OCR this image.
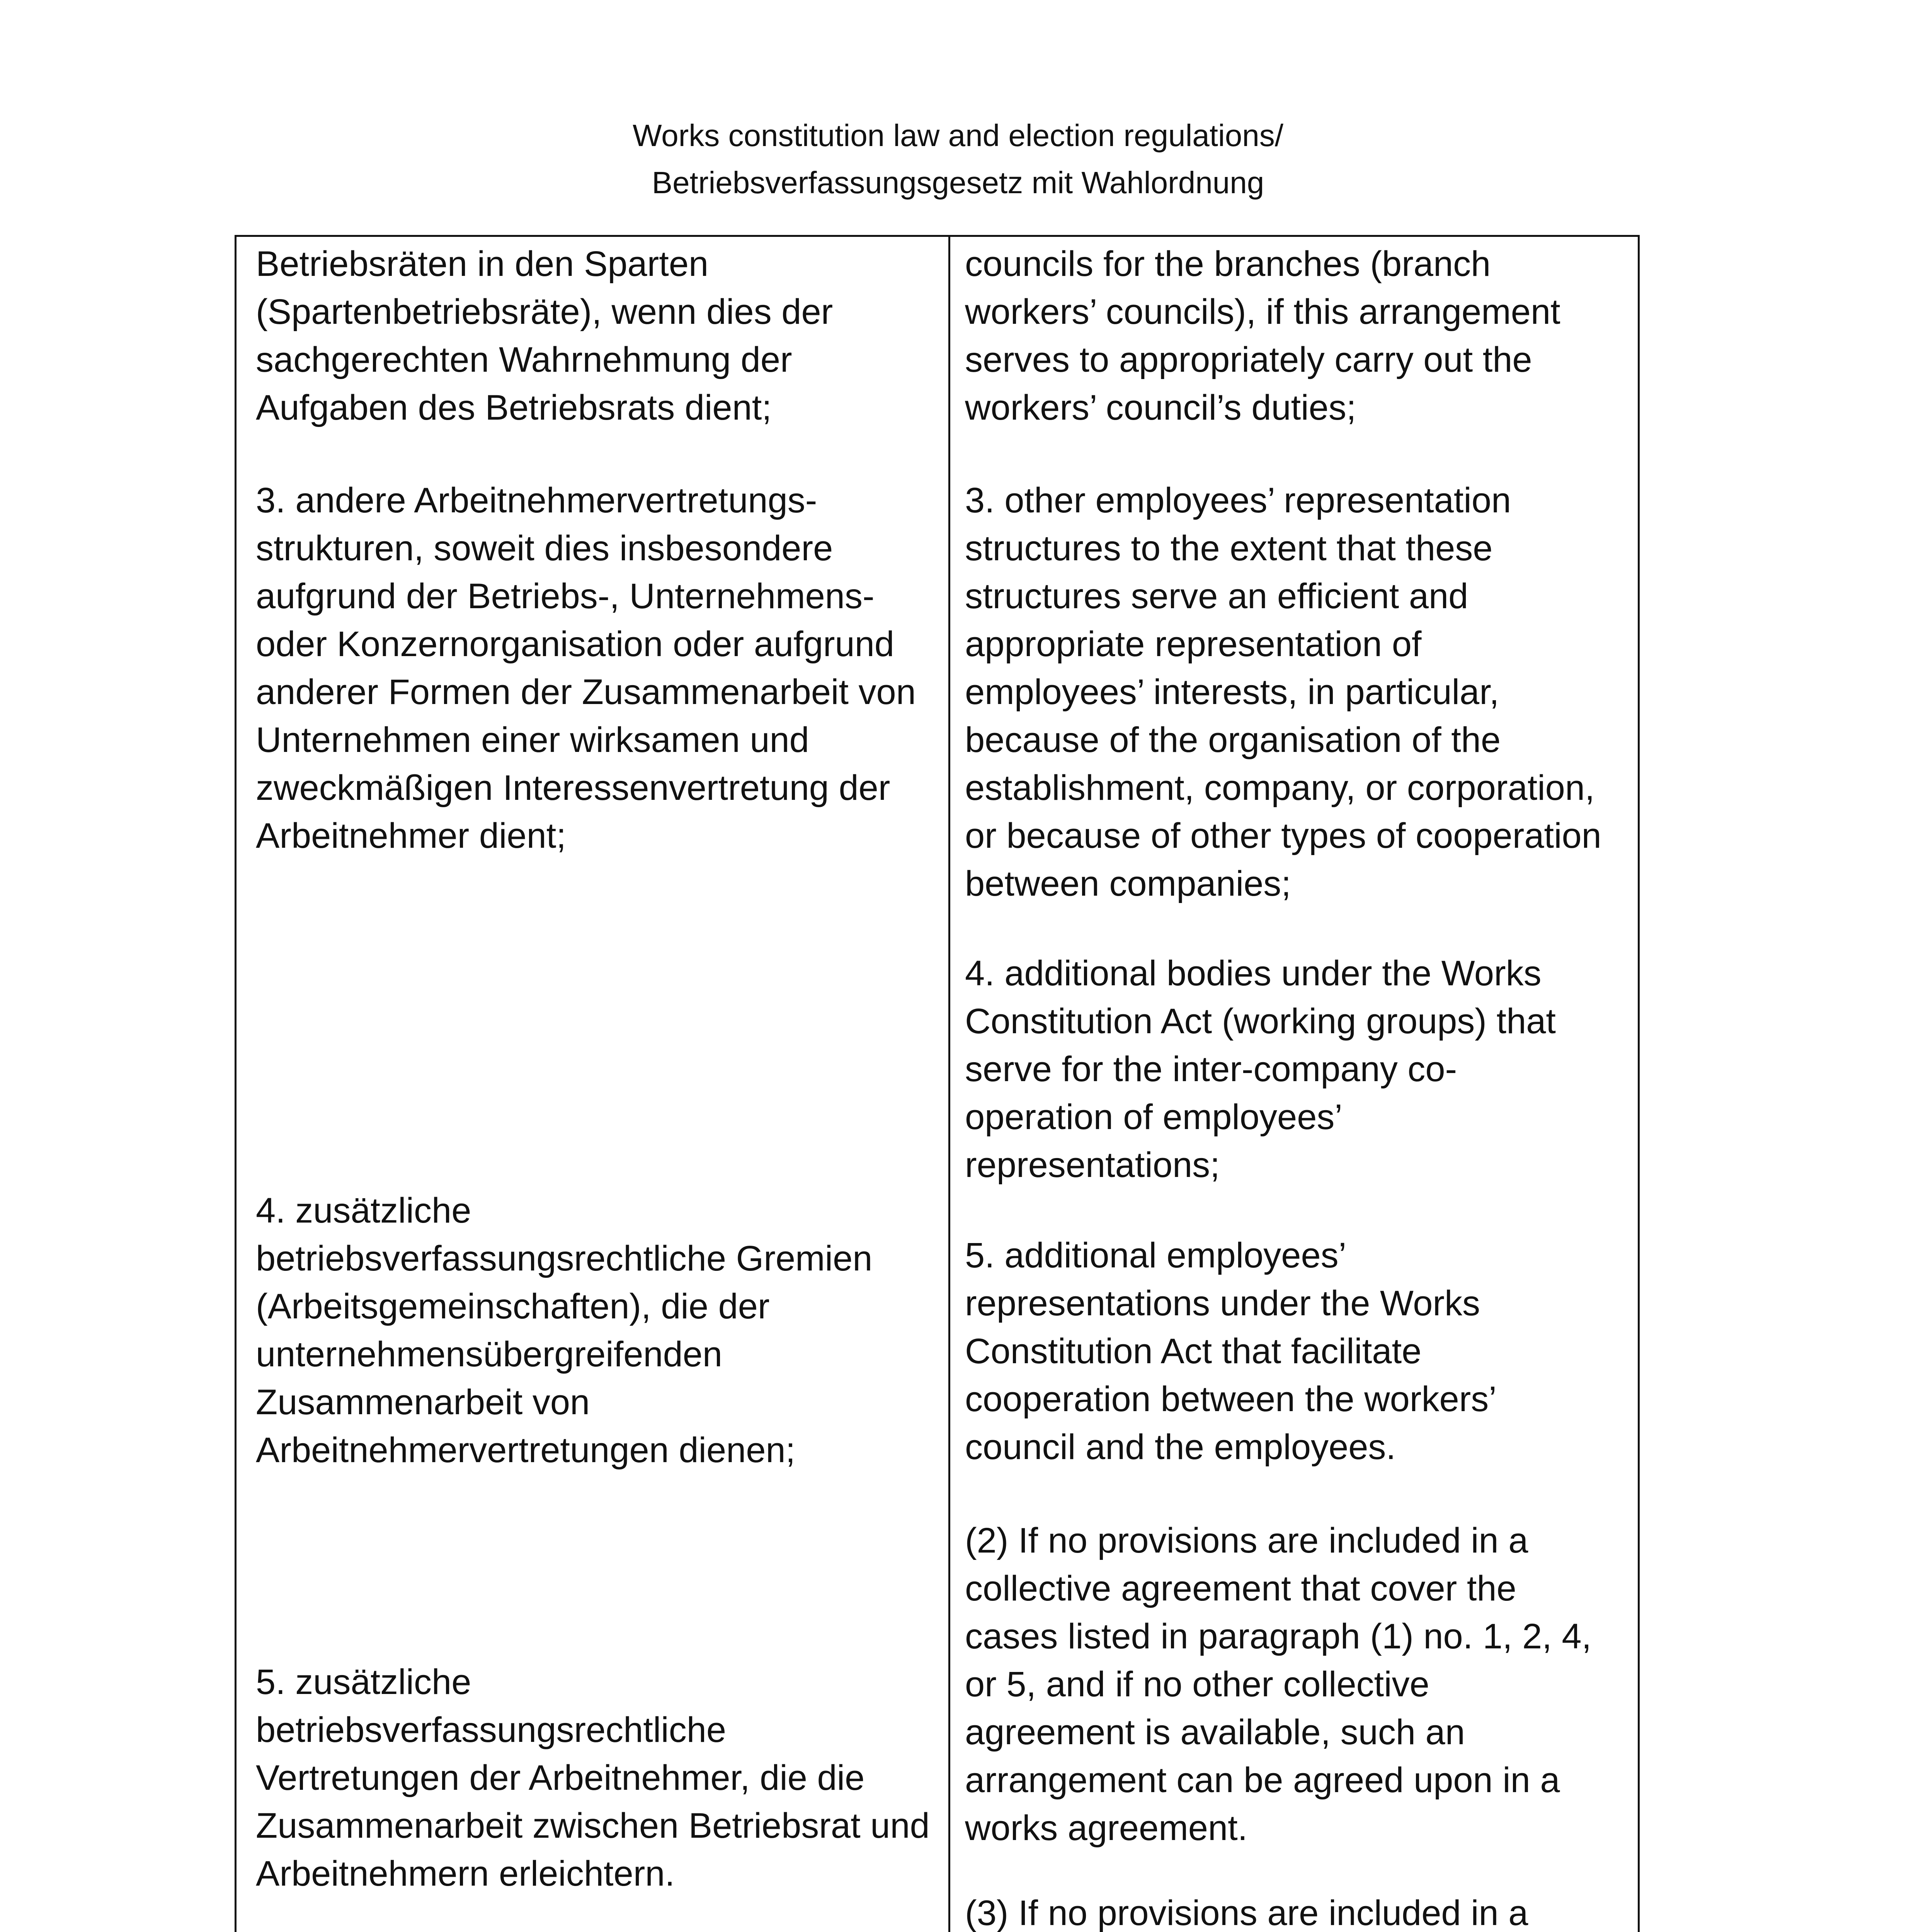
Works constitution law and election regulations/
Betriebsverfassungsgesetz mit Wahlordnung
Betriebsräten in den Sparten
(Spartenbetriebsräte), wenn dies der
sachgerechten Wahrnehmung der
Aufgaben des Betriebsrats dient;
3. andere Arbeitnehmervertretungs-
strukturen, soweit dies insbesondere
aufgrund der Betriebs-, Unternehmens-
oder Konzernorganisation oder aufgrund
anderer Formen der Zusammenarbeit von
Unternehmen einer wirksamen und
zweckmäßigen Interessenvertretung der
Arbeitnehmer dient;
4. zusätzliche
betriebsverfassungsrechtliche Gremien
(Arbeitsgemeinschaften), die der
unternehmensübergreifenden
Zusammenarbeit von
Arbeitnehmervertretungen dienen;
5. zusätzliche
betriebsverfassungsrechtliche
Vertretungen der Arbeitnehmer, die die
Zusammenarbeit zwischen Betriebsrat und
Arbeitnehmern erleichtern.
councils for the branches (branch
workers’ councils), if this arrangement
serves to appropriately carry out the
workers’ council’s duties;
3. other employees’ representation
structures to the extent that these
structures serve an efficient and
appropriate representation of
employees’ interests, in particular,
because of the organisation of the
establishment, company, or corporation,
or because of other types of cooperation
between companies;
4. additional bodies under the Works
Constitution Act (working groups) that
serve for the inter-company co-
operation of employees’
representations;
5. additional employees’
representations under the Works
Constitution Act that facilitate
cooperation between the workers’
council and the employees.
(2) If no provisions are included in a
collective agreement that cover the
cases listed in paragraph (1) no. 1, 2, 4,
or 5, and if no other collective
agreement is available, such an
arrangement can be agreed upon in a
works agreement.
(3) If no provisions are included in a
